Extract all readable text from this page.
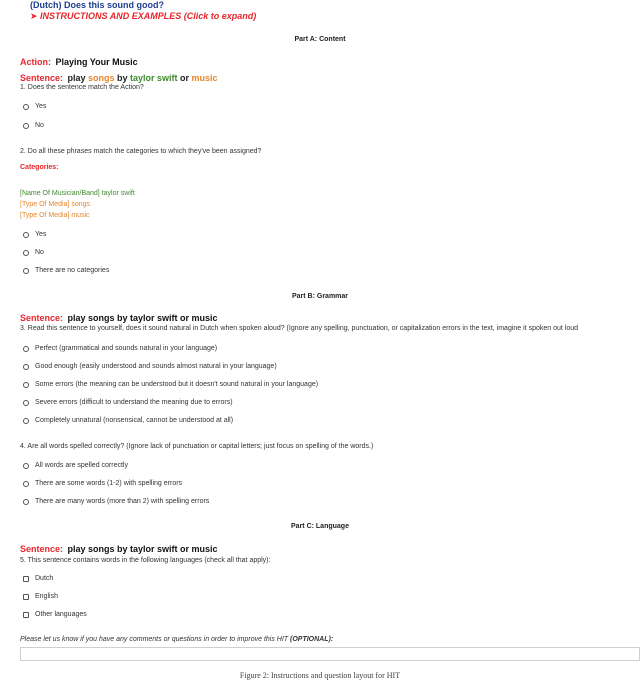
(Dutch) Does this sound good?
➤ INSTRUCTIONS AND EXAMPLES (Click to expand)
Part A: Content
Action: Playing Your Music
Sentence: play songs by taylor swift or music
1. Does the sentence match the Action?
Yes
No
2. Do all these phrases match the categories to which they've been assigned?
Categories:
[Name Of Musician/Band] taylor swift
[Type Of Media] songs
[Type Of Media] music
Yes
No
There are no categories
Part B: Grammar
Sentence: play songs by taylor swift or music
3. Read this sentence to yourself, does it sound natural in Dutch when spoken aloud? (Ignore any spelling, punctuation, or capitalization errors in the text, imagine it spoken out loud
Perfect (grammatical and sounds natural in your language)
Good enough (easily understood and sounds almost natural in your language)
Some errors (the meaning can be understood but it doesn't sound natural in your language)
Severe errors (difficult to understand the meaning due to errors)
Completely unnatural (nonsensical, cannot be understood at all)
4. Are all words spelled correctly? (Ignore lack of punctuation or capital letters; just focus on spelling of the words.)
All words are spelled correctly
There are some words (1-2) with spelling errors
There are many words (more than 2) with spelling errors
Part C: Language
Sentence: play songs by taylor swift or music
5. This sentence contains words in the following languages (check all that apply):
Dutch
English
Other languages
Please let us know if you have any comments or questions in order to improve this HIT (OPTIONAL):
Figure 2: Instructions and question layout for HIT
